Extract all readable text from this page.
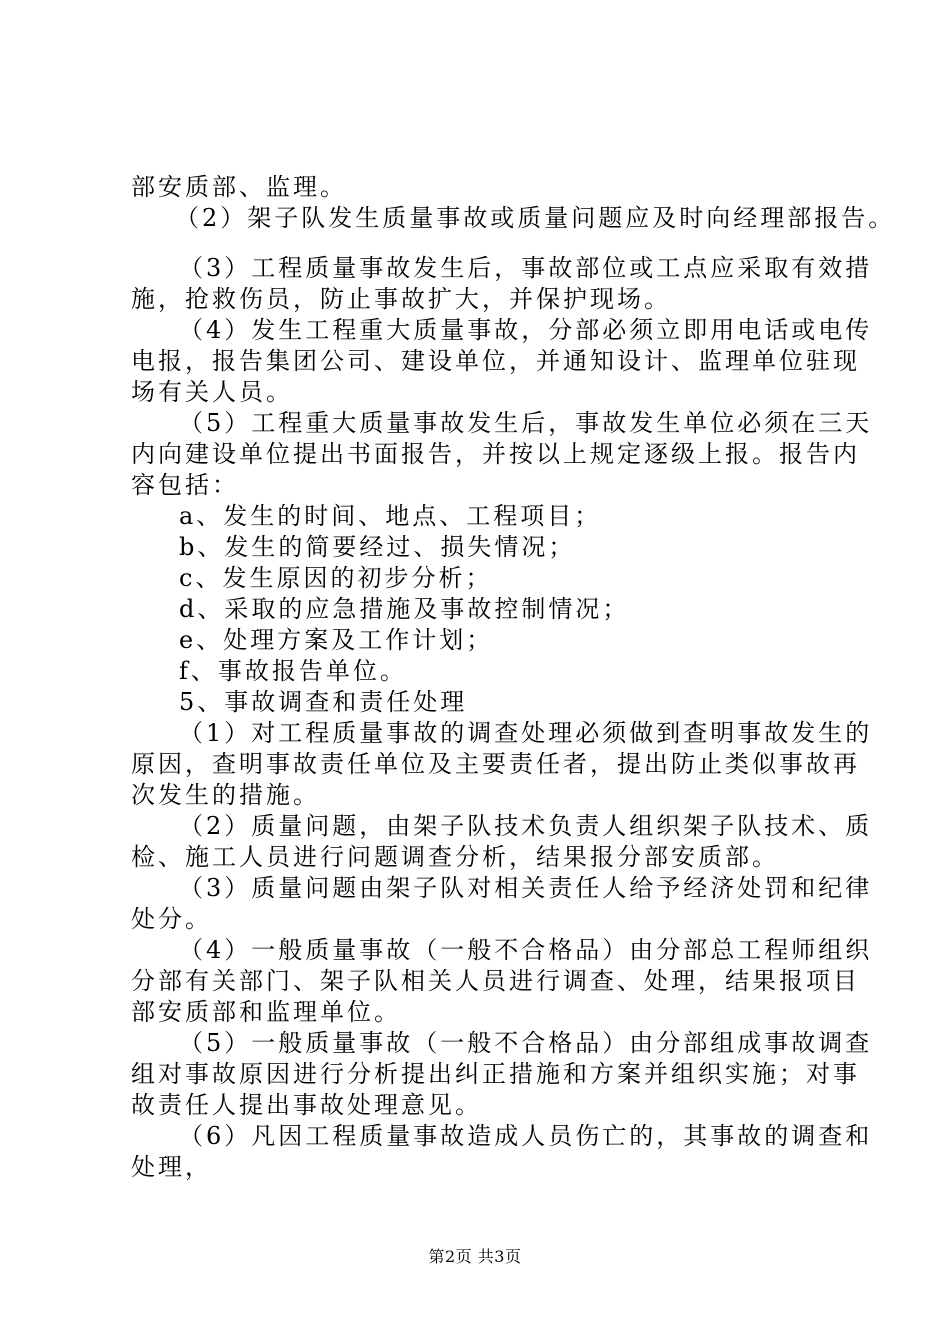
部安质部、监理。
（2）架子队发生质量事故或质量问题应及时向经理部报告。
（3）工程质量事故发生后，事故部位或工点应采取有效措
施，抢救伤员，防止事故扩大，并保护现场。
（4）发生工程重大质量事故，分部必须立即用电话或电传
电报，报告集团公司、建设单位，并通知设计、监理单位驻现
场有关人员。
（5）工程重大质量事故发生后，事故发生单位必须在三天
内向建设单位提出书面报告，并按以上规定逐级上报。报告内
容包括：
a、发生的时间、地点、工程项目；
b、发生的简要经过、损失情况；
c、发生原因的初步分析；
d、采取的应急措施及事故控制情况；
e、处理方案及工作计划；
f、事故报告单位。
5、事故调查和责任处理
（1）对工程质量事故的调查处理必须做到查明事故发生的
原因，查明事故责任单位及主要责任者，提出防止类似事故再
次发生的措施。
（2）质量问题，由架子队技术负责人组织架子队技术、质
检、施工人员进行问题调查分析，结果报分部安质部。
（3）质量问题由架子队对相关责任人给予经济处罚和纪律
处分。
（4）一般质量事故（一般不合格品）由分部总工程师组织
分部有关部门、架子队相关人员进行调查、处理，结果报项目
部安质部和监理单位。
（5）一般质量事故（一般不合格品）由分部组成事故调查
组对事故原因进行分析提出纠正措施和方案并组织实施；对事
故责任人提出事故处理意见。
（6）凡因工程质量事故造成人员伤亡的，其事故的调查和
处理，
第2页 共3页
